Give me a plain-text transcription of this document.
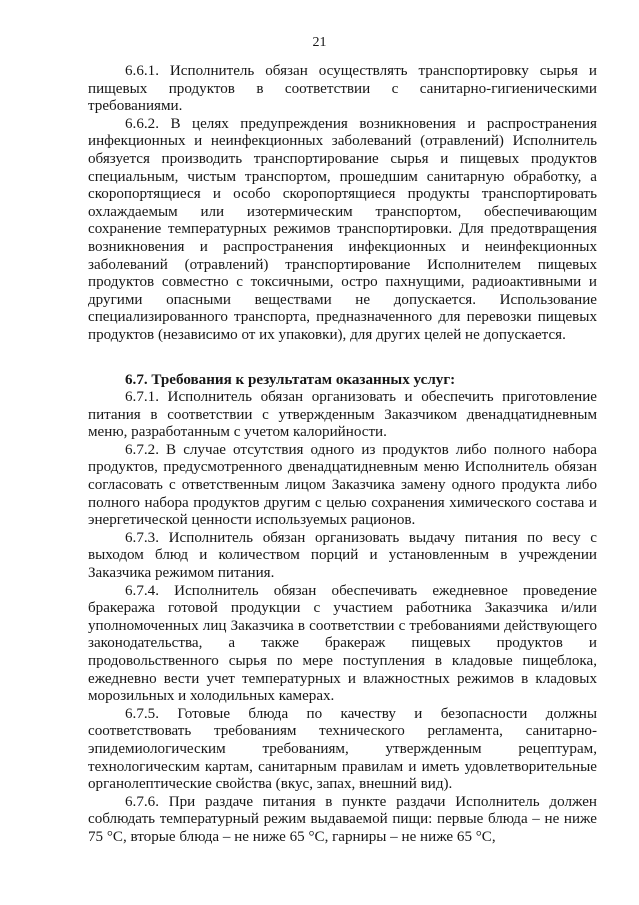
21

6.6.1. Исполнитель обязан осуществлять транспортировку сырья и пищевых продуктов в соответствии с санитарно-гигиеническими требованиями.

6.6.2. В целях предупреждения возникновения и распространения инфекционных и неинфекционных заболеваний (отравлений) Исполнитель обязуется производить транспортирование сырья и пищевых продуктов специальным, чистым транспортом, прошедшим санитарную обработку, а скоропортящиеся и особо скоропортящиеся продукты транспортировать охлаждаемым или изотермическим транспортом, обеспечивающим сохранение температурных режимов транспортировки. Для предотвращения возникновения и распространения инфекционных и неинфекционных заболеваний (отравлений) транспортирование Исполнителем пищевых продуктов совместно с токсичными, остро пахнущими, радиоактивными и другими опасными веществами не допускается. Использование специализированного транспорта, предназначенного для перевозки пищевых продуктов (независимо от их упаковки), для других целей не допускается.

6.7. Требования к результатам оказанных услуг:

6.7.1. Исполнитель обязан организовать и обеспечить приготовление питания в соответствии с утвержденным Заказчиком двенадцатидневным меню, разработанным с учетом калорийности.

6.7.2. В случае отсутствия одного из продуктов либо полного набора продуктов, предусмотренного двенадцатидневным меню Исполнитель обязан согласовать с ответственным лицом Заказчика замену одного продукта либо полного набора продуктов другим с целью сохранения химического состава и энергетической ценности используемых рационов.

6.7.3. Исполнитель обязан организовать выдачу питания по весу с выходом блюд и количеством порций и установленным в учреждении Заказчика режимом питания.

6.7.4. Исполнитель обязан обеспечивать ежедневное проведение бракеража готовой продукции с участием работника Заказчика и/или уполномоченных лиц Заказчика в соответствии с требованиями действующего законодательства, а также бракераж пищевых продуктов и продовольственного сырья по мере поступления в кладовые пищеблока, ежедневно вести учет температурных и влажностных режимов в кладовых морозильных и холодильных камерах.

6.7.5. Готовые блюда по качеству и безопасности должны соответствовать требованиям технического регламента, санитарно-эпидемиологическим требованиям, утвержденным рецептурам, технологическим картам, санитарным правилам и иметь удовлетворительные органолептические свойства (вкус, запах, внешний вид).

6.7.6. При раздаче питания в пункте раздачи Исполнитель должен соблюдать температурный режим выдаваемой пищи: первые блюда – не ниже 75 °С, вторые блюда – не ниже 65 °С, гарниры – не ниже 65 °С,
